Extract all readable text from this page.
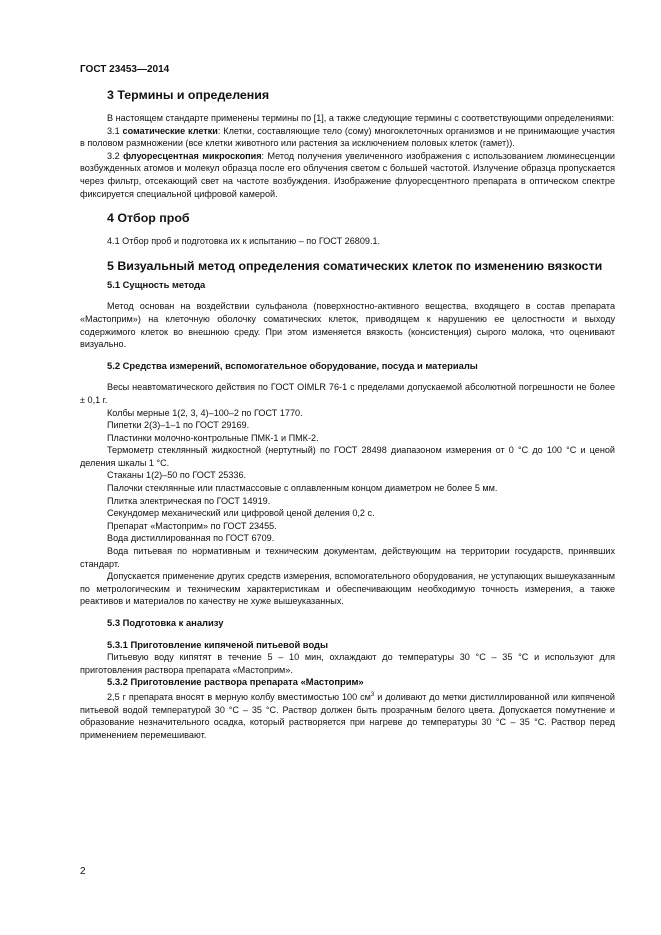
ГОСТ 23453—2014
3 Термины и определения

В настоящем стандарте применены термины по [1], а также следующие термины с соответствующими определениями:

3.1 соматические клетки: Клетки, составляющие тело (сому) многоклеточных организмов и не принимающие участия в половом размножении (все клетки животного или растения за исключением половых клеток (гамет)).

3.2 флуоресцентная микроскопия: Метод получения увеличенного изображения с использованием люминесценции возбужденных атомов и молекул образца после его облучения светом с большей частотой. Излучение образца пропускается через фильтр, отсекающий свет на частоте возбуждения. Изображение флуоресцентного препарата в оптическом спектре фиксируется специальной цифровой камерой.

4 Отбор проб

4.1 Отбор проб и подготовка их к испытанию – по ГОСТ 26809.1.

5 Визуальный метод определения соматических клеток по изменению вязкости
5.1 Сущность метода

Метод основан на воздействии сульфанола (поверхностно-активного вещества, входящего в состав препарата «Мастоприм») на клеточную оболочку соматических клеток, приводящем к нарушению ее целостности и выходу содержимого клеток во внешнюю среду. При этом изменяется вязкость (консистенция) сырого молока, что оценивают визуально.

5.2 Средства измерений, вспомогательное оборудование, посуда и материалы

Весы неавтоматического действия по ГОСТ OIMLR 76-1 с пределами допускаемой абсолютной погрешности не более ± 0,1 г.

Колбы мерные 1(2, 3, 4)–100–2 по ГОСТ 1770.

Пипетки 2(3)–1–1 по ГОСТ 29169.

Пластинки молочно-контрольные ПМК-1 и ПМК-2.

Термометр стеклянный жидкостной (нертутный) по ГОСТ 28498 диапазоном измерения от 0 °С до 100 °С и ценой деления шкалы 1 °С.

Стаканы 1(2)–50 по ГОСТ 25336.

Палочки стеклянные или пластмассовые с оплавленным концом диаметром не более 5 мм.

Плитка электрическая по ГОСТ 14919.

Секундомер механический или цифровой ценой деления 0,2 с.

Препарат «Мастоприм» по ГОСТ 23455.

Вода дистиллированная по ГОСТ 6709.

Вода питьевая по нормативным и техническим документам, действующим на территории государств, принявших стандарт.

Допускается применение других средств измерения, вспомогательного оборудования, не уступающих вышеуказанным по метрологическим и техническим характеристикам и обеспечивающим необходимую точность измерения, а также реактивов и материалов по качеству не хуже вышеуказанных.

5.3 Подготовка к анализу
5.3.1 Приготовление кипяченой питьевой воды

Питьевую воду кипятят в течение 5 – 10 мин, охлаждают до температуры 30 °С – 35 °С и используют для приготовления раствора препарата «Мастоприм».

5.3.2 Приготовление раствора препарата «Мастоприм»

2,5 г препарата вносят в мерную колбу вместимостью 100 $см^3$ и доливают до метки дистиллированной или кипяченой питьевой водой температурой 30 °С – 35 °С. Раствор должен быть прозрачным белого цвета. Допускается помутнение и образование незначительного осадка, который растворяется при нагреве до температуры 30 °С – 35 °С. Раствор перед применением перемешивают.

2
